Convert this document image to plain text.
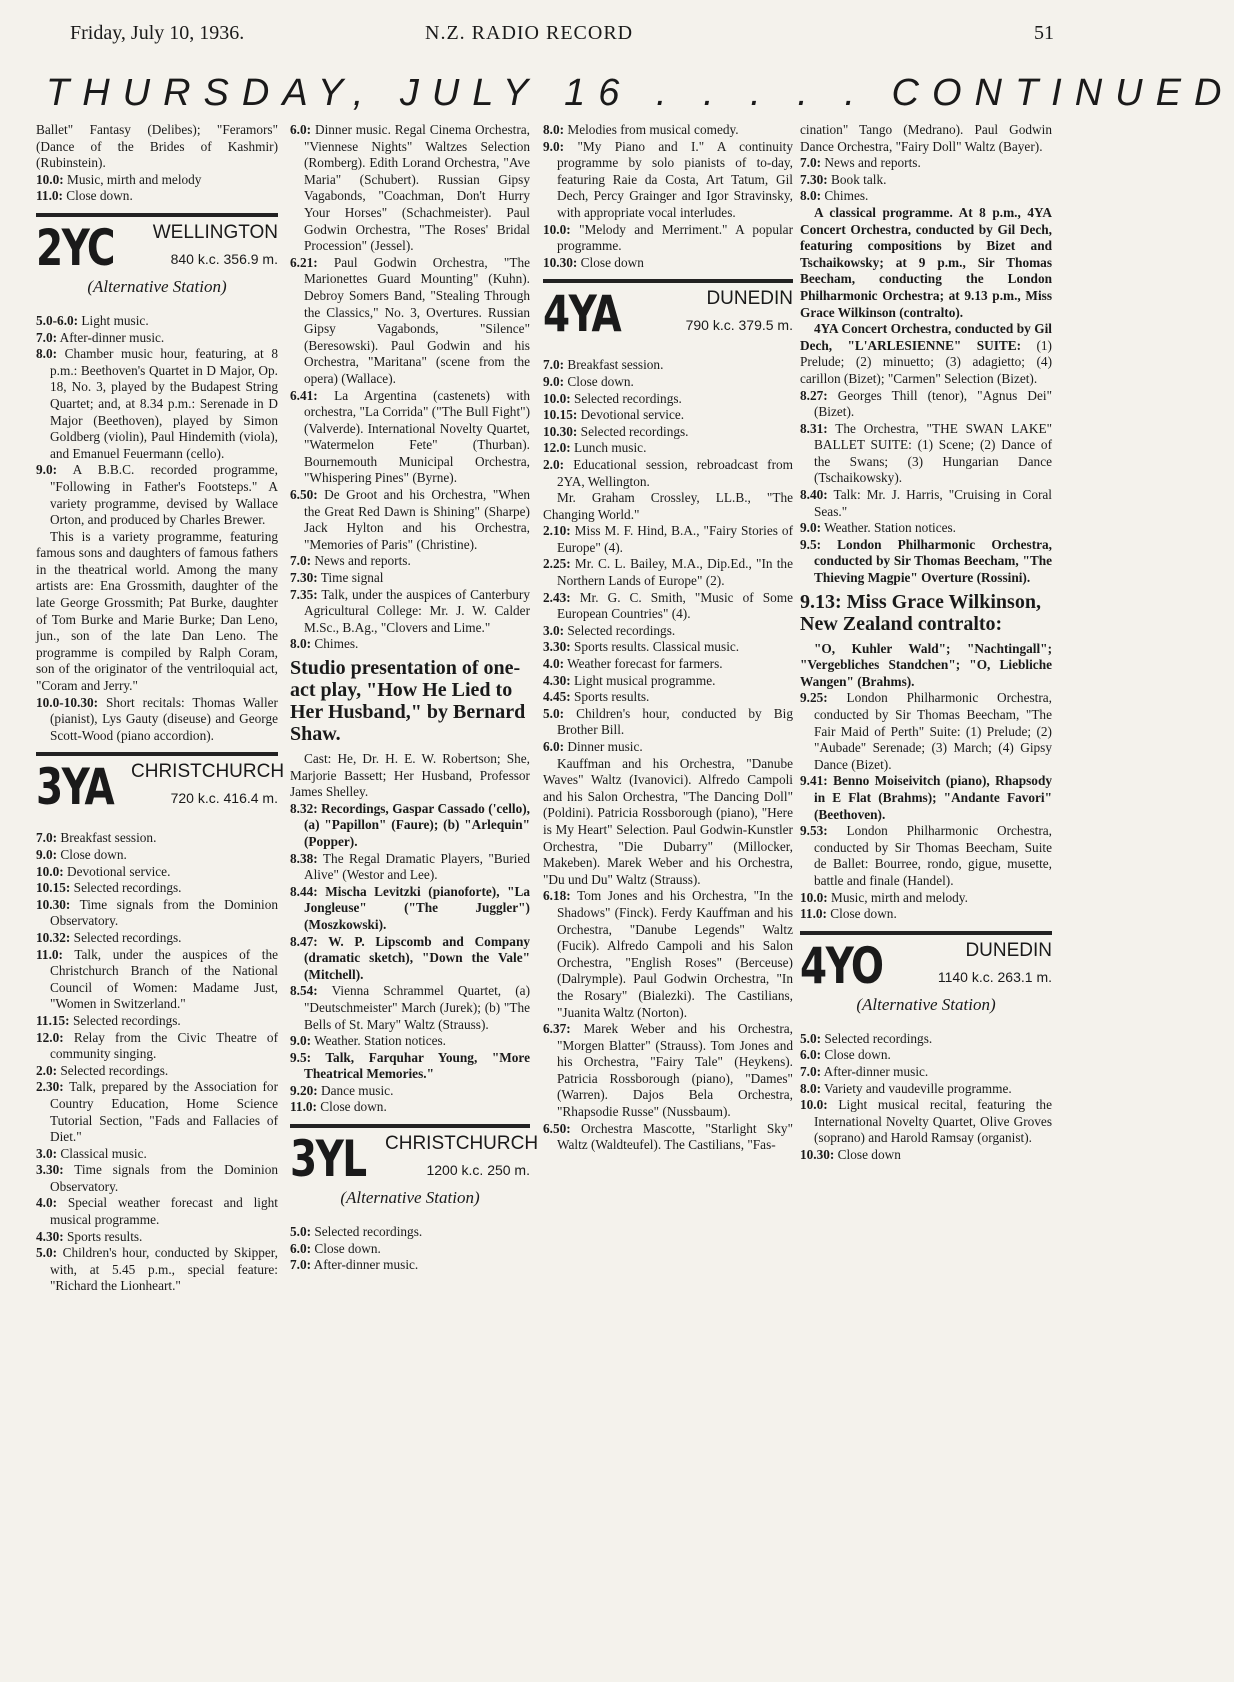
Friday, July 10, 1936.	N.Z. RADIO RECORD	51
THURSDAY, JULY 16 . . . . . CONTINUED

Ballet" Fantasy (Delibes); "Feramors" (Dance of the Brides of Kashmir) (Rubinstein).

10.0: Music, mirth and melody

11.0: Close down.

2YC	WELLINGTON
840 k.c. 356.9 m.
(Alternative Station)

5.0-6.0: Light music.

7.0: After-dinner music.

8.0: Chamber music hour, featuring, at 8 p.m.: Beethoven's Quartet in D Major, Op. 18, No. 3, played by the Budapest String Quartet; and, at 8.34 p.m.: Serenade in D Major (Beethoven), played by Simon Goldberg (violin), Paul Hindemith (viola), and Emanuel Feuermann (cello).

9.0: A B.B.C. recorded programme, "Following in Father's Footsteps." A variety programme, devised by Wallace Orton, and produced by Charles Brewer.

This is a variety programme, featuring famous sons and daughters of famous fathers in the theatrical world. Among the many artists are: Ena Grossmith, daughter of the late George Grossmith; Pat Burke, daughter of Tom Burke and Marie Burke; Dan Leno, jun., son of the late Dan Leno. The programme is compiled by Ralph Coram, son of the originator of the ventriloquial act, "Coram and Jerry."

10.0-10.30: Short recitals: Thomas Waller (pianist), Lys Gauty (diseuse) and George Scott-Wood (piano accordion).

3YA CHRISTCHURCH
720 k.c. 416.4 m.

7.0: Breakfast session.

9.0: Close down.

10.0: Devotional service.

10.15: Selected recordings.

10.30: Time signals from the Dominion Observatory.

10.32: Selected recordings.

11.0: Talk, under the auspices of the Christchurch Branch of the National Council of Women: Madame Just, "Women in Switzerland."

11.15: Selected recordings.

12.0: Relay from the Civic Theatre of community singing.

2.0: Selected recordings.

2.30: Talk, prepared by the Association for Country Education, Home Science Tutorial Section, "Fads and Fallacies of Diet."

3.0: Classical music.

3.30: Time signals from the Dominion Observatory.

4.0: Special weather forecast and light musical programme.

4.30: Sports results.

5.0: Children's hour, conducted by Skipper, with, at 5.45 p.m., special feature: "Richard the Lionheart."

6.0: Dinner music. Regal Cinema Orchestra, "Viennese Nights" Waltzes Selection (Romberg). Edith Lorand Orchestra, "Ave Maria" (Schubert). Russian Gipsy Vagabonds, "Coachman, Don't Hurry Your Horses" (Schachmeister). Paul Godwin Orchestra, "The Roses' Bridal Procession" (Jessel).

6.21: Paul Godwin Orchestra, "The Marionettes Guard Mounting" (Kuhn). Debroy Somers Band, "Stealing Through the Classics," No. 3, Overtures. Russian Gipsy Vagabonds, "Silence" (Beresowski). Paul Godwin and his Orchestra, "Maritana" (scene from the opera) (Wallace).

6.41: La Argentina (castenets) with orchestra, "La Corrida" ("The Bull Fight") (Valverde). International Novelty Quartet, "Watermelon Fete" (Thurban). Bournemouth Municipal Orchestra, "Whispering Pines" (Byrne).

6.50: De Groot and his Orchestra, "When the Great Red Dawn is Shining" (Sharpe) Jack Hylton and his Orchestra, "Memories of Paris" (Christine).

7.0: News and reports.

7.30: Time signal

7.35: Talk, under the auspices of Canterbury Agricultural College: Mr. J. W. Calder M.Sc., B.Ag., "Clovers and Lime."

8.0: Chimes.

Studio presentation of one-act play, "How He Lied to Her Husband," by Bernard Shaw.

Cast: He, Dr. H. E. W. Robertson; She, Marjorie Bassett; Her Husband, Professor James Shelley.

8.32: Recordings, Gaspar Cassado ('cello), (a) "Papillon" (Faure); (b) "Arlequin" (Popper).

8.38: The Regal Dramatic Players, "Buried Alive" (Westor and Lee).

8.44: Mischa Levitzki (pianoforte), "La Jongleuse" ("The Juggler") (Moszkowski).

8.47: W. P. Lipscomb and Company (dramatic sketch), "Down the Vale" (Mitchell).

8.54: Vienna Schrammel Quartet, (a) "Deutschmeister" March (Jurek); (b) "The Bells of St. Mary" Waltz (Strauss).

9.0: Weather. Station notices.

9.5: Talk, Farquhar Young, "More Theatrical Memories."

9.20: Dance music.

11.0: Close down.

3YL CHRISTCHURCH
1200 k.c. 250 m.
(Alternative Station)

5.0: Selected recordings.

6.0: Close down.

7.0: After-dinner music.

8.0: Melodies from musical comedy.

9.0: "My Piano and I." A continuity programme by solo pianists of to-day, featuring Raie da Costa, Art Tatum, Gil Dech, Percy Grainger and Igor Stravinsky, with appropriate vocal interludes.

10.0: "Melody and Merriment." A popular programme.

10.30: Close down

4YA	DUNEDIN
790 k.c. 379.5 m.

7.0: Breakfast session.

9.0: Close down.

10.0: Selected recordings.

10.15: Devotional service.

10.30: Selected recordings.

12.0: Lunch music.

2.0: Educational session, rebroadcast from 2YA, Wellington.

Mr. Graham Crossley, LL.B., "The Changing World."

2.10: Miss M. F. Hind, B.A., "Fairy Stories of Europe" (4).

2.25: Mr. C. L. Bailey, M.A., Dip.Ed., "In the Northern Lands of Europe" (2).

2.43: Mr. G. C. Smith, "Music of Some European Countries" (4).

3.0: Selected recordings.

3.30: Sports results. Classical music.

4.0: Weather forecast for farmers.

4.30: Light musical programme.

4.45: Sports results.

5.0: Children's hour, conducted by Big Brother Bill.

6.0: Dinner music.

Kauffman and his Orchestra, "Danube Waves" Waltz (Ivanovici). Alfredo Campoli and his Salon Orchestra, "The Dancing Doll" (Poldini). Patricia Rossborough (piano), "Here is My Heart" Selection. Paul Godwin-Kunstler Orchestra, "Die Dubarry" (Millocker, Makeben). Marek Weber and his Orchestra, "Du und Du" Waltz (Strauss).

6.18: Tom Jones and his Orchestra, "In the Shadows" (Finck). Ferdy Kauffman and his Orchestra, "Danube Legends" Waltz (Fucik). Alfredo Campoli and his Salon Orchestra, "English Roses" (Berceuse) (Dalrymple). Paul Godwin Orchestra, "In the Rosary" (Bialezki). The Castilians, "Juanita Waltz (Norton).

6.37: Marek Weber and his Orchestra, "Morgen Blatter" (Strauss). Tom Jones and his Orchestra, "Fairy Tale" (Heykens). Patricia Rossborough (piano), "Dames" (Warren). Dajos Bela Orchestra, "Rhapsodie Russe" (Nussbaum).

6.50: Orchestra Mascotte, "Starlight Sky" Waltz (Waldteufel). The Castilians, "Fas-

cination" Tango (Medrano). Paul Godwin Dance Orchestra, "Fairy Doll" Waltz (Bayer).

7.0: News and reports.

7.30: Book talk.

8.0: Chimes.

A classical programme. At 8 p.m., 4YA Concert Orchestra, conducted by Gil Dech, featuring compositions by Bizet and Tschaikowsky; at 9 p.m., Sir Thomas Beecham, conducting the London Philharmonic Orchestra; at 9.13 p.m., Miss Grace Wilkinson (contralto).

4YA Concert Orchestra, conducted by Gil Dech, "L'ARLESIENNE" SUITE: (1) Prelude; (2) minuetto; (3) adagietto; (4) carillon (Bizet); "Carmen" Selection (Bizet).

8.27: Georges Thill (tenor), "Agnus Dei" (Bizet).

8.31: The Orchestra, "THE SWAN LAKE" BALLET SUITE: (1) Scene; (2) Dance of the Swans; (3) Hungarian Dance (Tschaikowsky).

8.40: Talk: Mr. J. Harris, "Cruising in Coral Seas."

9.0: Weather. Station notices.

9.5: London Philharmonic Orchestra, conducted by Sir Thomas Beecham, "The Thieving Magpie" Overture (Rossini).

9.13: Miss Grace Wilkinson, New Zealand contralto:

"O, Kuhler Wald"; "Nachtingall"; "Vergebliches Standchen"; "O, Liebliche Wangen" (Brahms).

9.25: London Philharmonic Orchestra, conducted by Sir Thomas Beecham, "The Fair Maid of Perth" Suite: (1) Prelude; (2) "Aubade" Serenade; (3) March; (4) Gipsy Dance (Bizet).

9.41: Benno Moiseivitch (piano), Rhapsody in E Flat (Brahms); "Andante Favori" (Beethoven).

9.53: London Philharmonic Orchestra, conducted by Sir Thomas Beecham, Suite de Ballet: Bourree, rondo, gigue, musette, battle and finale (Handel).

10.0: Music, mirth and melody.

11.0: Close down.

4YO	DUNEDIN
1140 k.c. 263.1 m.
(Alternative Station)

5.0: Selected recordings.

6.0: Close down.

7.0: After-dinner music.

8.0: Variety and vaudeville programme.

10.0: Light musical recital, featuring the International Novelty Quartet, Olive Groves (soprano) and Harold Ramsay (organist).

10.30: Close down
